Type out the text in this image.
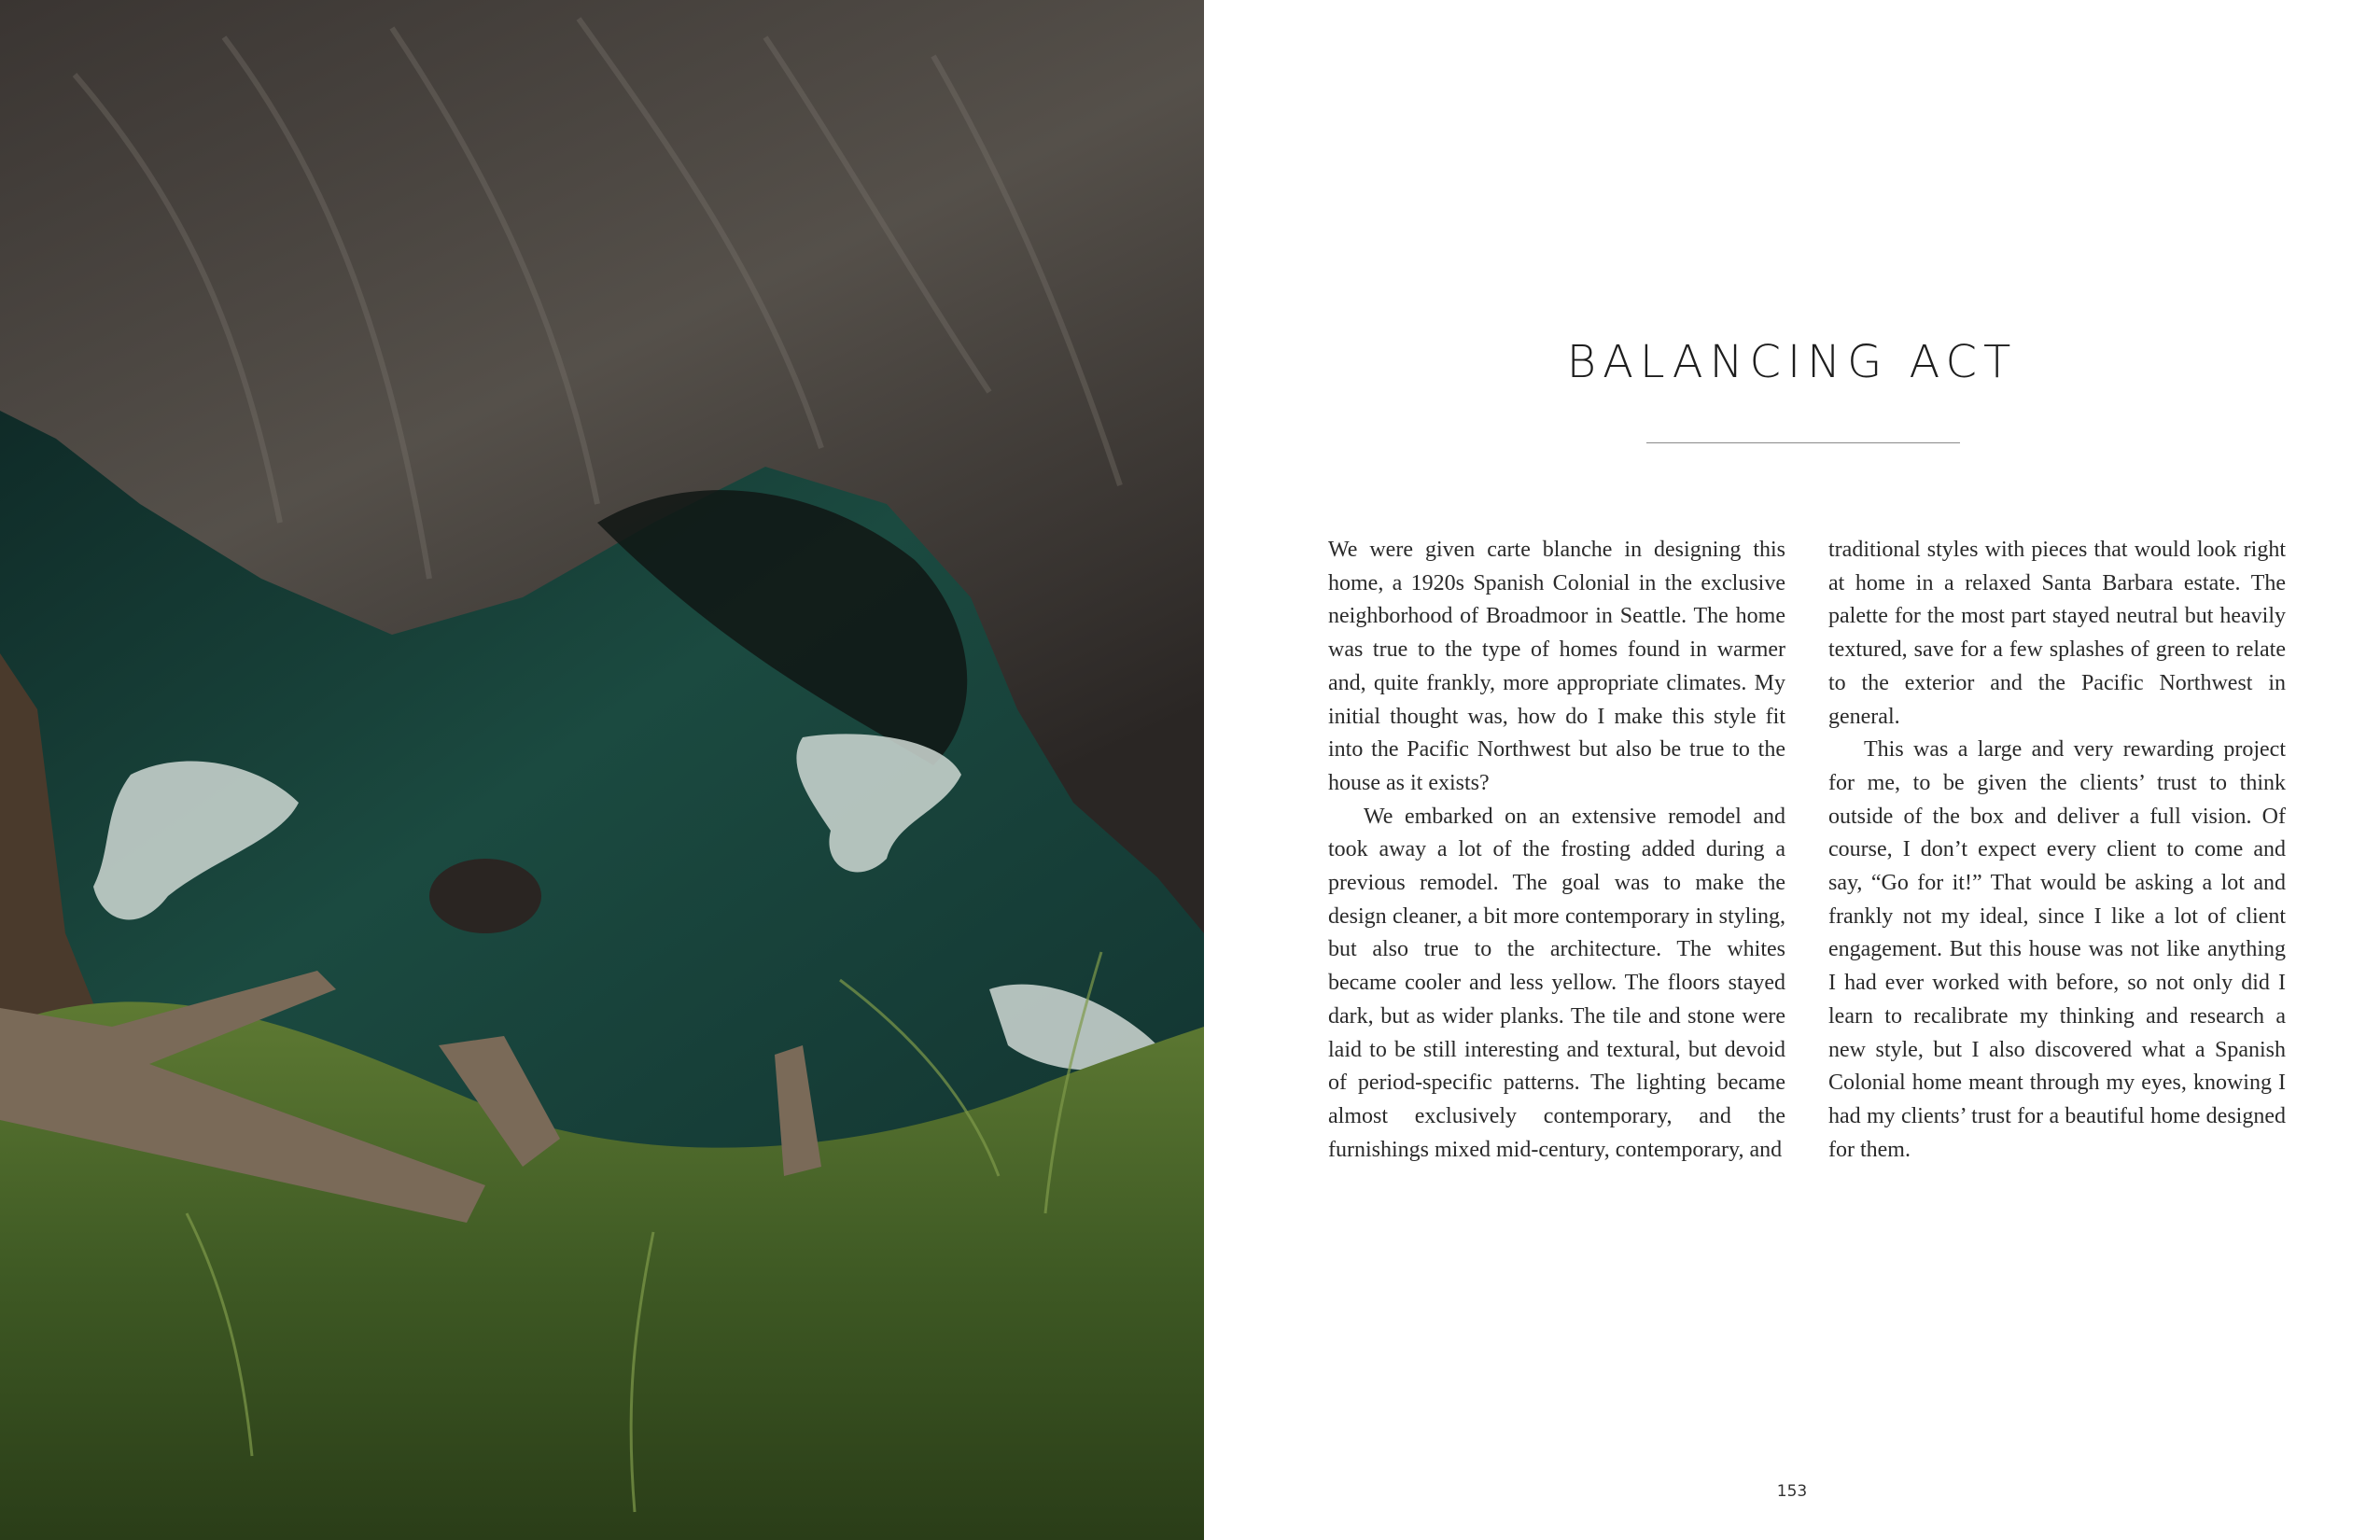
BALANCING ACT

We were given carte blanche in designing this home, a 1920s Spanish Colonial in the exclusive neighborhood of Broadmoor in Seattle. The home was true to the type of homes found in warmer and, quite frankly, more appropriate climates. My initial thought was, how do I make this style fit into the Pacific Northwest but also be true to the house as it exists?

We embarked on an extensive remodel and took away a lot of the frosting added during a previous remodel. The goal was to make the design cleaner, a bit more contemporary in styling, but also true to the architecture. The whites became cooler and less yellow. The floors stayed dark, but as wider planks. The tile and stone were laid to be still interesting and textural, but devoid of period-specific patterns. The lighting became almost exclusively contemporary, and the furnishings mixed mid-century, contemporary, and

traditional styles with pieces that would look right at home in a relaxed Santa Barbara estate. The palette for the most part stayed neutral but heavily textured, save for a few splashes of green to relate to the exterior and the Pacific Northwest in general.

This was a large and very rewarding project for me, to be given the clients’ trust to think outside of the box and deliver a full vision. Of course, I don’t expect every client to come and say, “Go for it!” That would be asking a lot and frankly not my ideal, since I like a lot of client engagement. But this house was not like anything I had ever worked with before, so not only did I learn to recalibrate my thinking and research a new style, but I also discovered what a Spanish Colonial home meant through my eyes, knowing I had my clients’ trust for a beautiful home designed for them.

153
